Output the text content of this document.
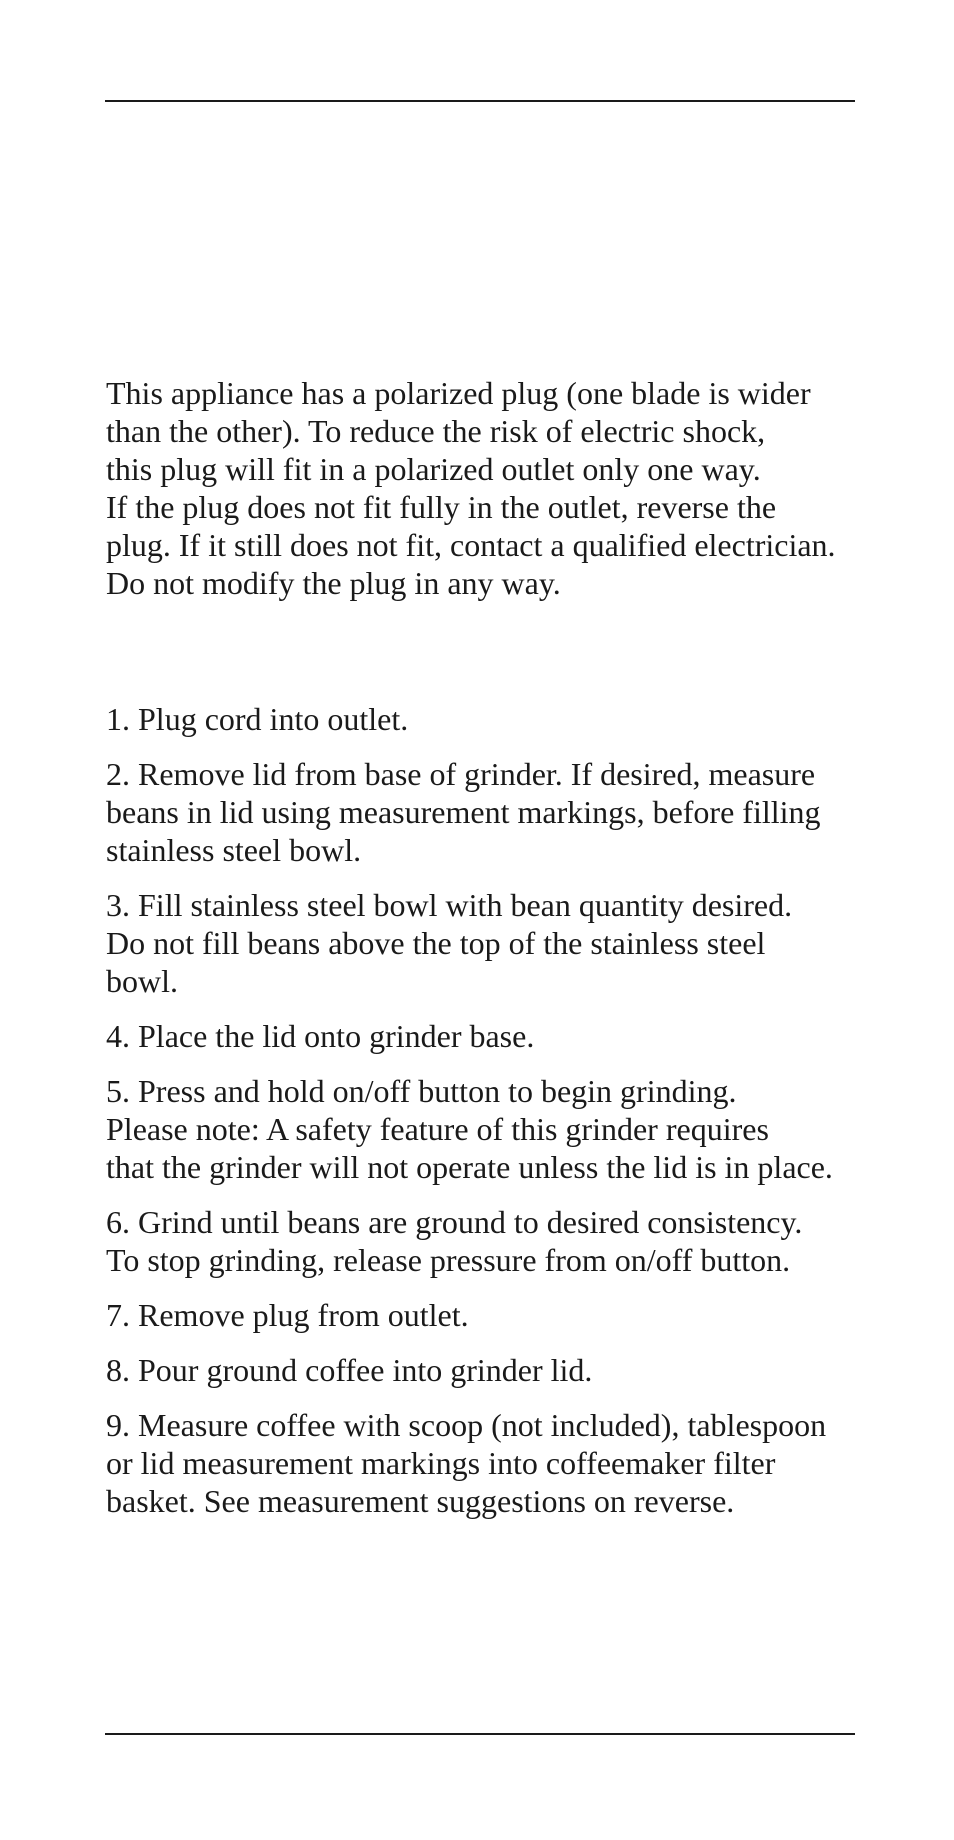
This appliance has a polarized plug (one blade is wider
than the other). To reduce the risk of electric shock,
this plug will fit in a polarized outlet only one way.
If the plug does not fit fully in the outlet, reverse the
plug. If it still does not fit, contact a qualified electrician.
Do not modify the plug in any way.

1. Plug cord into outlet.
2. Remove lid from base of grinder. If desired, measure
beans in lid using measurement markings, before filling
stainless steel bowl.
3. Fill stainless steel bowl with bean quantity desired.
Do not fill beans above the top of the stainless steel
bowl.
4. Place the lid onto grinder base.
5. Press and hold on/off button to begin grinding.
Please note: A safety feature of this grinder requires
that the grinder will not operate unless the lid is in place.
6. Grind until beans are ground to desired consistency.
To stop grinding, release pressure from on/off button.
7. Remove plug from outlet.
8. Pour ground coffee into grinder lid.
9. Measure coffee with scoop (not included), tablespoon
or lid measurement markings into coffeemaker filter
basket. See measurement suggestions on reverse.
